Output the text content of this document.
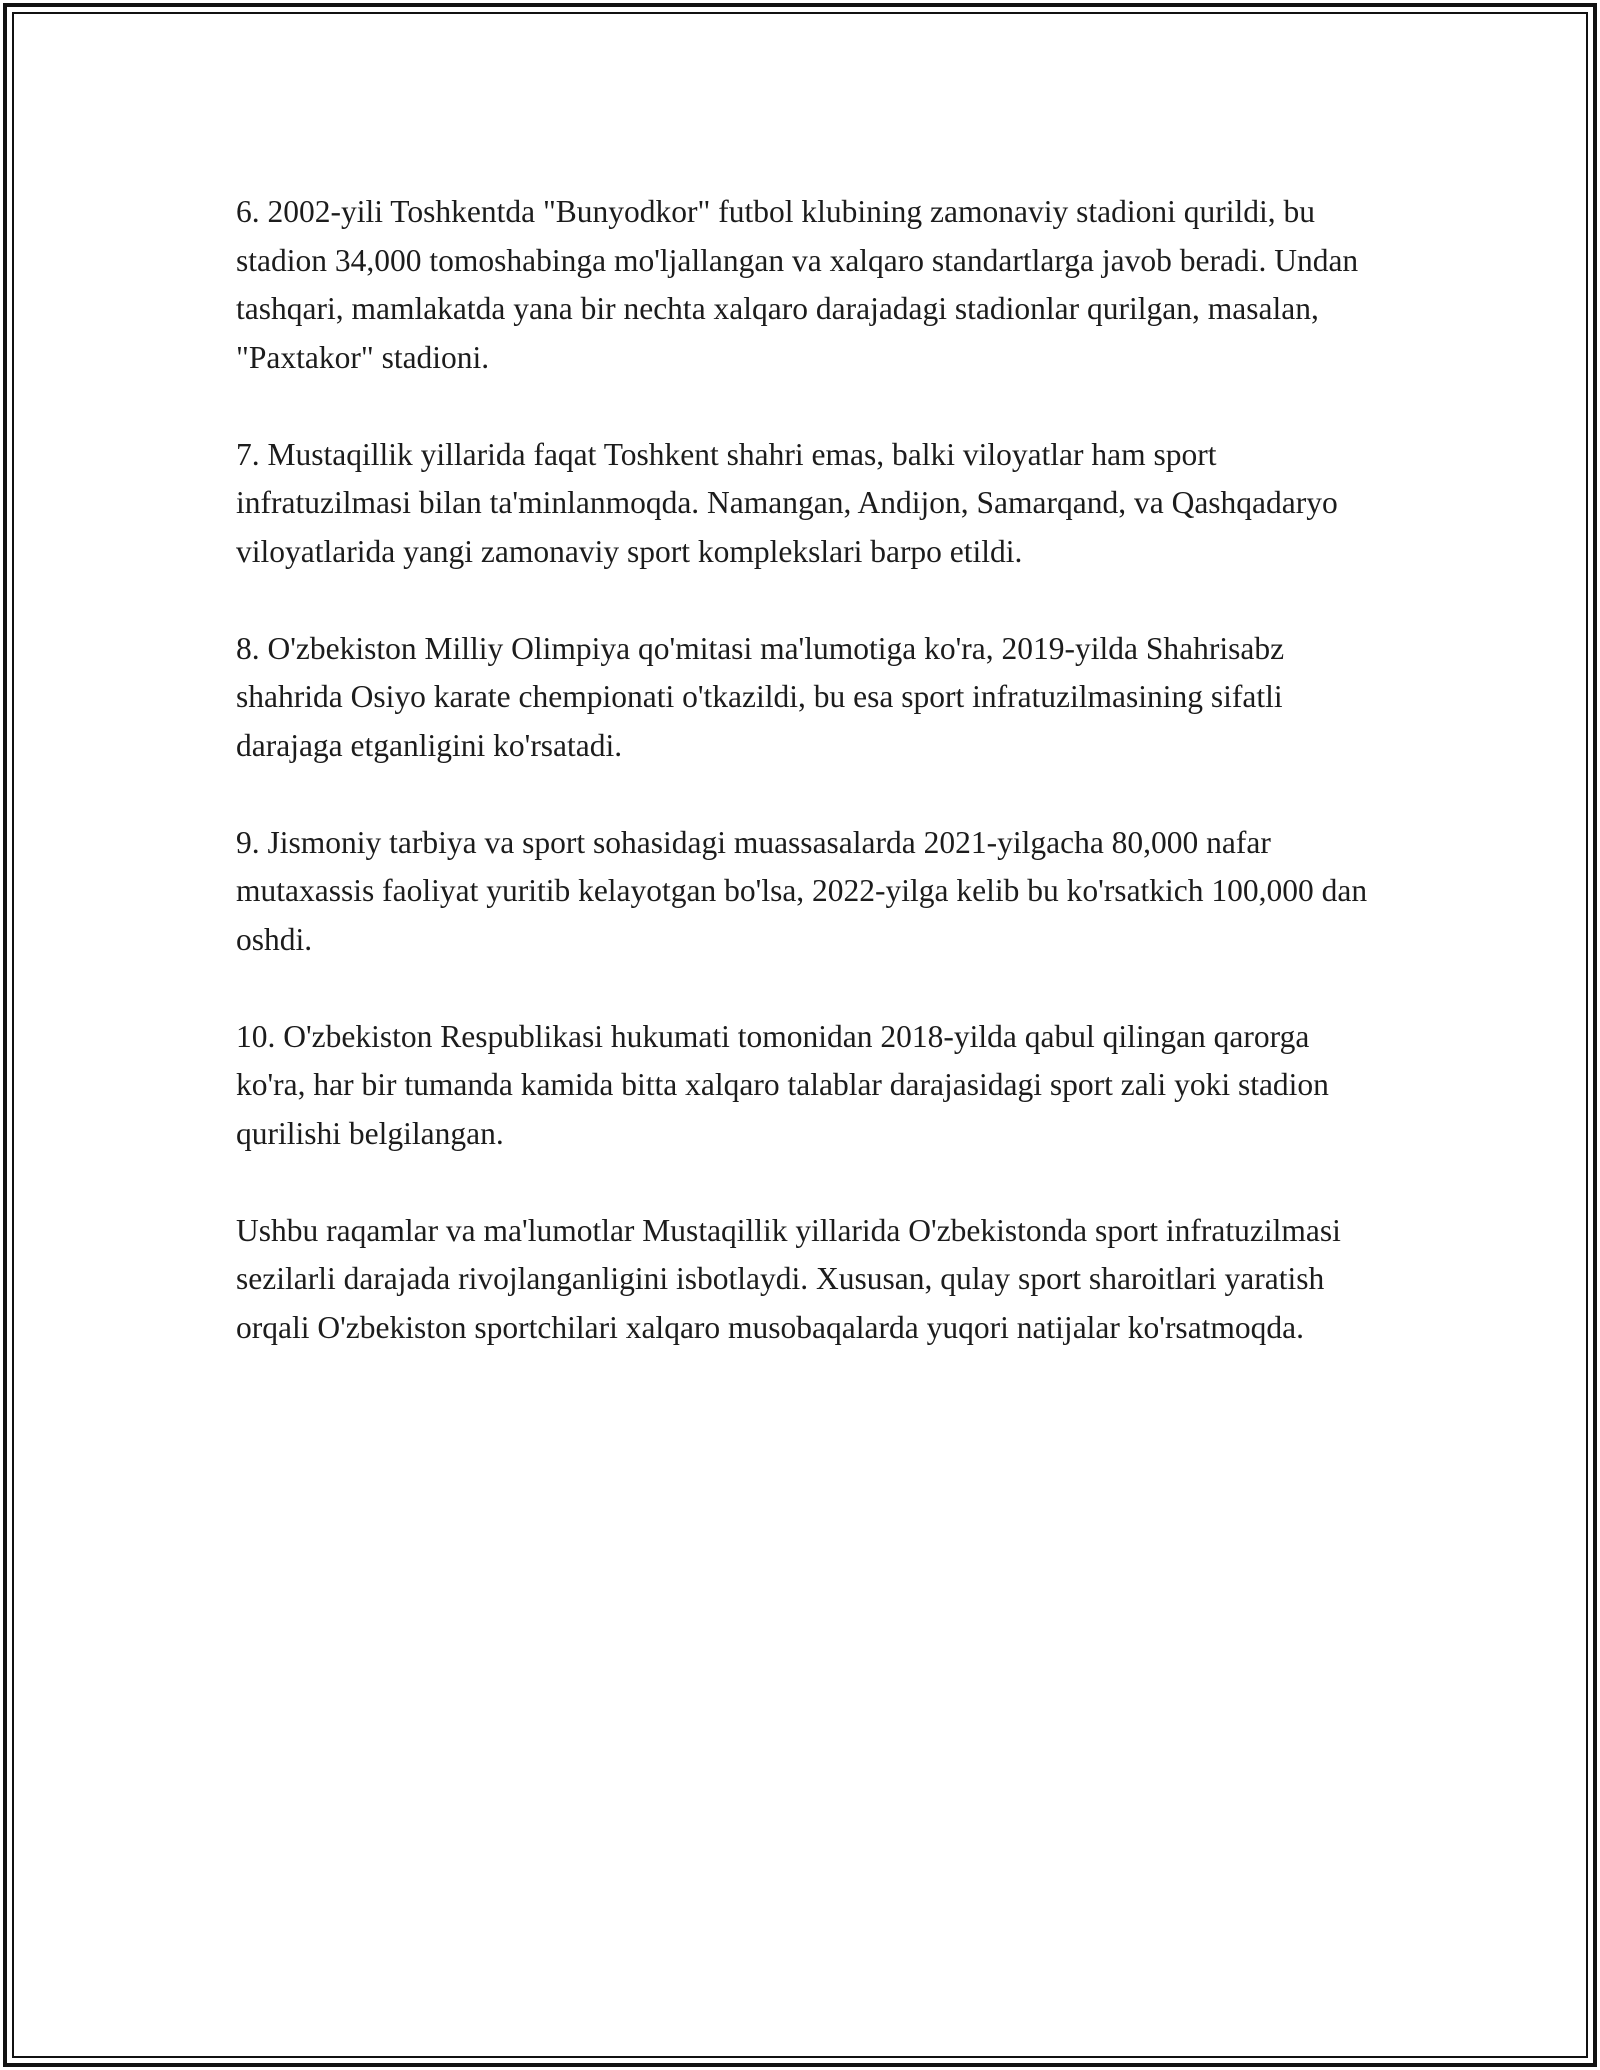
6. 2002-yili Toshkentda "Bunyodkor" futbol klubining zamonaviy stadioni qurildi, bu stadion 34,000 tomoshabinga mo'ljallangan va xalqaro standartlarga javob beradi. Undan tashqari, mamlakatda yana bir nechta xalqaro darajadagi stadionlar qurilgan, masalan, "Paxtakor" stadioni.

7. Mustaqillik yillarida faqat Toshkent shahri emas, balki viloyatlar ham sport infratuzilmasi bilan ta'minlanmoqda. Namangan, Andijon, Samarqand, va Qashqadaryo viloyatlarida yangi zamonaviy sport komplekslari barpo etildi.

8. O'zbekiston Milliy Olimpiya qo'mitasi ma'lumotiga ko'ra, 2019-yilda Shahrisabz shahrida Osiyo karate chempionati o'tkazildi, bu esa sport infratuzilmasining sifatli darajaga etganligini ko'rsatadi.

9. Jismoniy tarbiya va sport sohasidagi muassasalarda 2021-yilgacha 80,000 nafar mutaxassis faoliyat yuritib kelayotgan bo'lsa, 2022-yilga kelib bu ko'rsatkich 100,000 dan oshdi.

10. O'zbekiston Respublikasi hukumati tomonidan 2018-yilda qabul qilingan qarorga ko'ra, har bir tumanda kamida bitta xalqaro talablar darajasidagi sport zali yoki stadion qurilishi belgilangan.

Ushbu raqamlar va ma'lumotlar Mustaqillik yillarida O'zbekistonda sport infratuzilmasi sezilarli darajada rivojlanganligini isbotlaydi. Xususan, qulay sport sharoitlari yaratish orqali O'zbekiston sportchilari xalqaro musobaqalarda yuqori natijalar ko'rsatmoqda.
